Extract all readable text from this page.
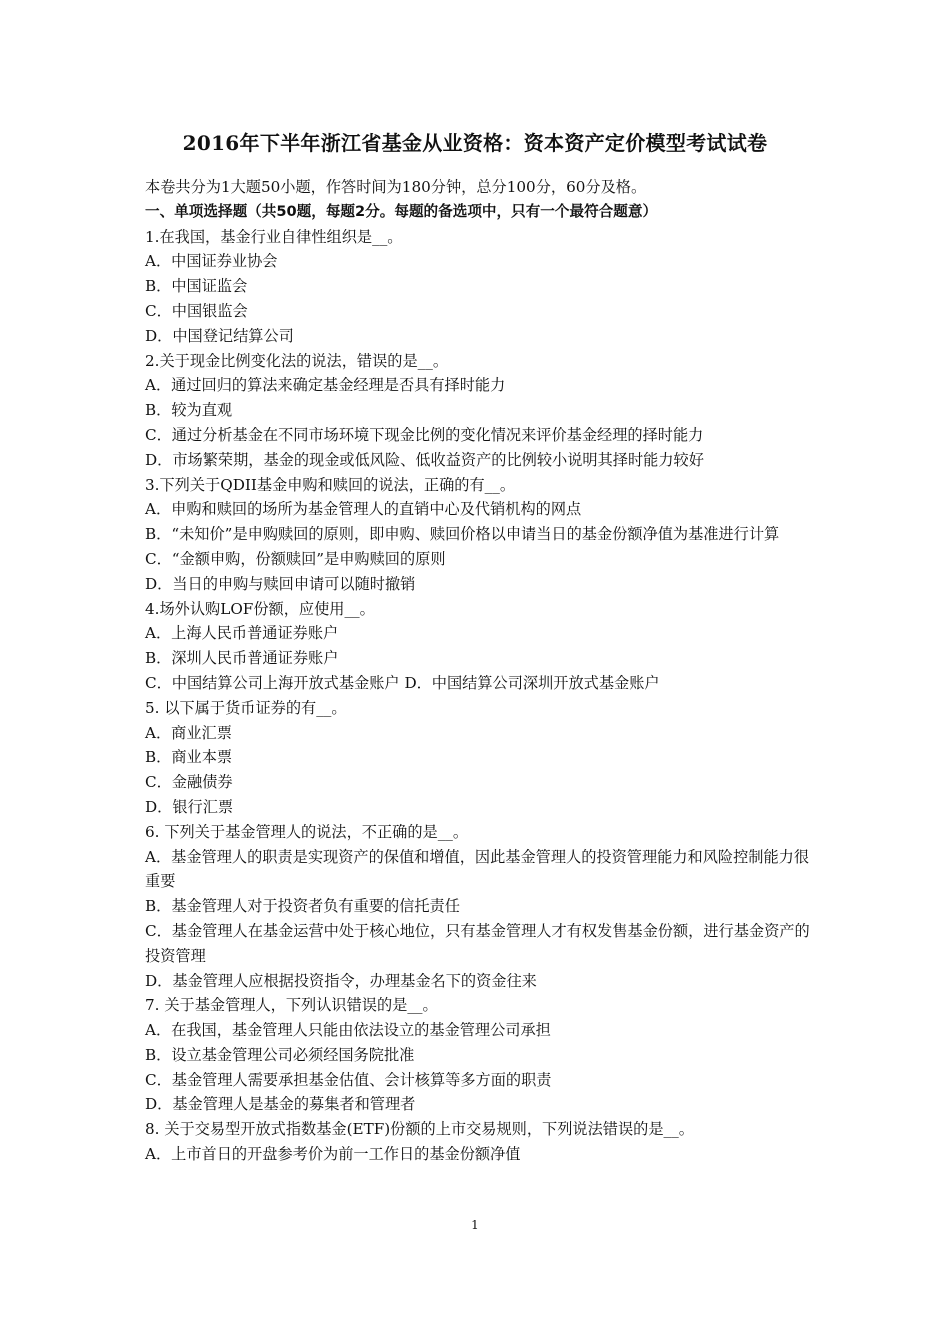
2016年下半年浙江省基金从业资格：资本资产定价模型考试试卷
本卷共分为1大题50小题，作答时间为180分钟，总分100分，60分及格。
一、单项选择题（共50题，每题2分。每题的备选项中，只有一个最符合题意）
1.在我国，基金行业自律性组织是__。
A．中国证券业协会
B．中国证监会
C．中国银监会
D．中国登记结算公司
2.关于现金比例变化法的说法，错误的是__。
A．通过回归的算法来确定基金经理是否具有择时能力
B．较为直观
C．通过分析基金在不同市场环境下现金比例的变化情况来评价基金经理的择时能力
D．市场繁荣期，基金的现金或低风险、低收益资产的比例较小说明其择时能力较好
3.下列关于QDII基金申购和赎回的说法，正确的有__。
A．申购和赎回的场所为基金管理人的直销中心及代销机构的网点
B．“未知价”是申购赎回的原则，即申购、赎回价格以申请当日的基金份额净值为基准进行计算
C．“金额申购，份额赎回”是申购赎回的原则
D．当日的申购与赎回申请可以随时撤销
4.场外认购LOF份额，应使用__。
A．上海人民币普通证券账户
B．深圳人民币普通证券账户
C．中国结算公司上海开放式基金账户 D．中国结算公司深圳开放式基金账户
5. 以下属于货币证券的有__。
A．商业汇票
B．商业本票
C．金融债券
D．银行汇票
6. 下列关于基金管理人的说法，不正确的是__。
A．基金管理人的职责是实现资产的保值和增值，因此基金管理人的投资管理能力和风险控制能力很重要
B．基金管理人对于投资者负有重要的信托责任
C．基金管理人在基金运营中处于核心地位，只有基金管理人才有权发售基金份额，进行基金资产的投资管理
D．基金管理人应根据投资指令，办理基金名下的资金往来
7. 关于基金管理人，下列认识错误的是__。
A．在我国，基金管理人只能由依法设立的基金管理公司承担
B．设立基金管理公司必须经国务院批准
C．基金管理人需要承担基金估值、会计核算等多方面的职责
D．基金管理人是基金的募集者和管理者
8. 关于交易型开放式指数基金(ETF)份额的上市交易规则，下列说法错误的是__。
A．上市首日的开盘参考价为前一工作日的基金份额净值
1
